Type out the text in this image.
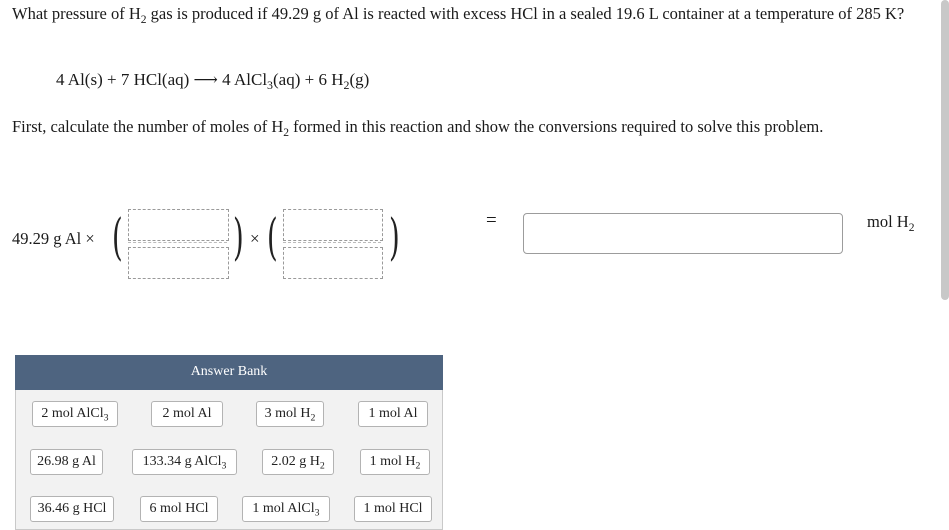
What pressure of $H_2$ gas is produced if 49.29 g of Al is reacted with excess HCl in a sealed 19.6 L container at a temperature of 285 K?
4 Al(s) + 7 HCl(aq) ⟶ 4 AlCl$_3$(aq) + 6 $H_2(g)$
First, calculate the number of moles of $H_2$ formed in this reaction and show the conversions required to solve this problem.
49.29 g Al × ( ) × ( )	=	mol $H_2$
Answer Bank
2 mol AlCl$_3$	2 mol Al	3 mol $H_2$	1 mol Al
26.98 g Al	133.34 g AlCl$_3$	2.02 g $H_2$	1 mol $H_2$
36.46 g HCl	6 mol HCl	1 mol AlCl$_3$	1 mol HCl
